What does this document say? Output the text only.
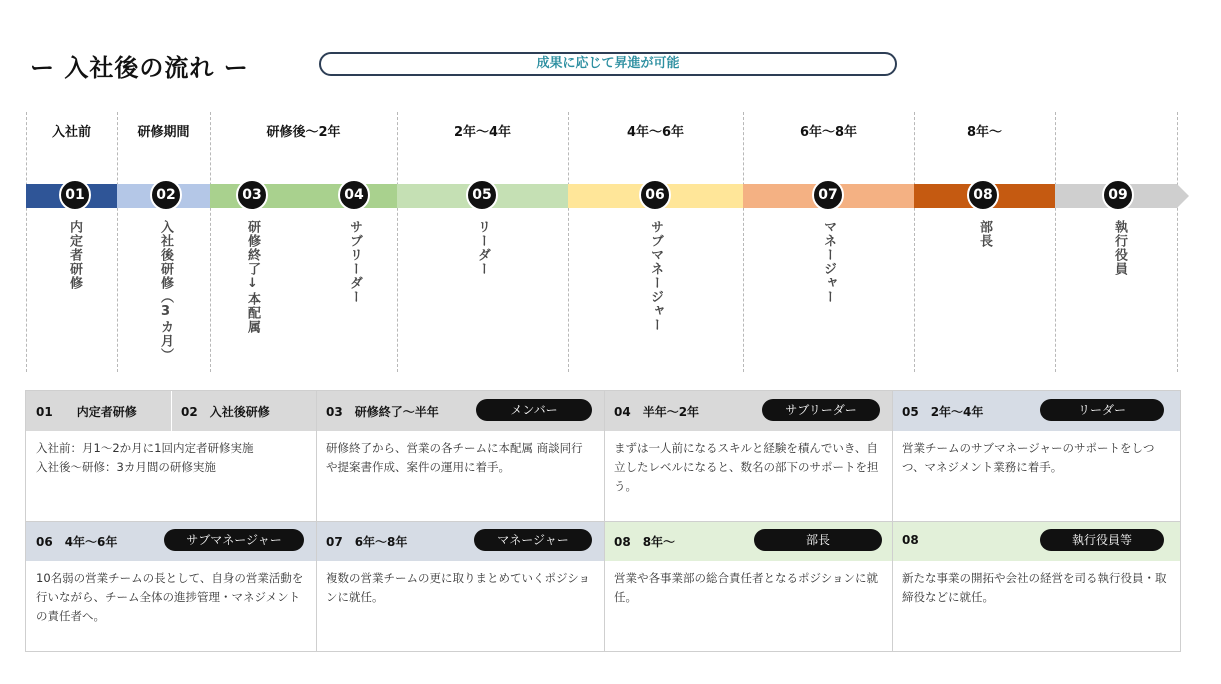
ー 入社後の流れ ー	成果に応じて昇進が可能
入社前	研修期間	研修後〜2年	2年〜4年	4年〜6年	6年〜8年	8年〜
01	02	03	04	05	06	07	08	09
内定者研修	入社後研修（3カ月）	研修終了↓本配属	サブリーダー	リーダー	サブマネージャー	マネージャー	部長	執行役員
01　　内定者研修	02　入社後研修	03　研修終了〜半年	メンバー	04　半年〜2年	サブリーダー	05　2年〜4年	リーダー
入社前：月1〜2か月に1回内定者研修実施
入社後〜研修：3カ月間の研修実施
研修終了から、営業の各チームに本配属 商談同行や提案書作成、案件の運用に着手。
まずは一人前になるスキルと経験を積んでいき、自立したレベルになると、数名の部下のサポートを担う。
営業チームのサブマネージャーのサポートをしつつ、マネジメント業務に着手。
06　4年〜6年	サブマネージャー	07　6年〜8年	マネージャー	08　8年〜	部長	08	執行役員等
10名弱の営業チームの長として、自身の営業活動を行いながら、チーム全体の進捗管理・マネジメントの責任者へ。
複数の営業チームの更に取りまとめていくポジションに就任。
営業や各事業部の総合責任者となるポジションに就任。
新たな事業の開拓や会社の経営を司る執行役員・取締役などに就任。
